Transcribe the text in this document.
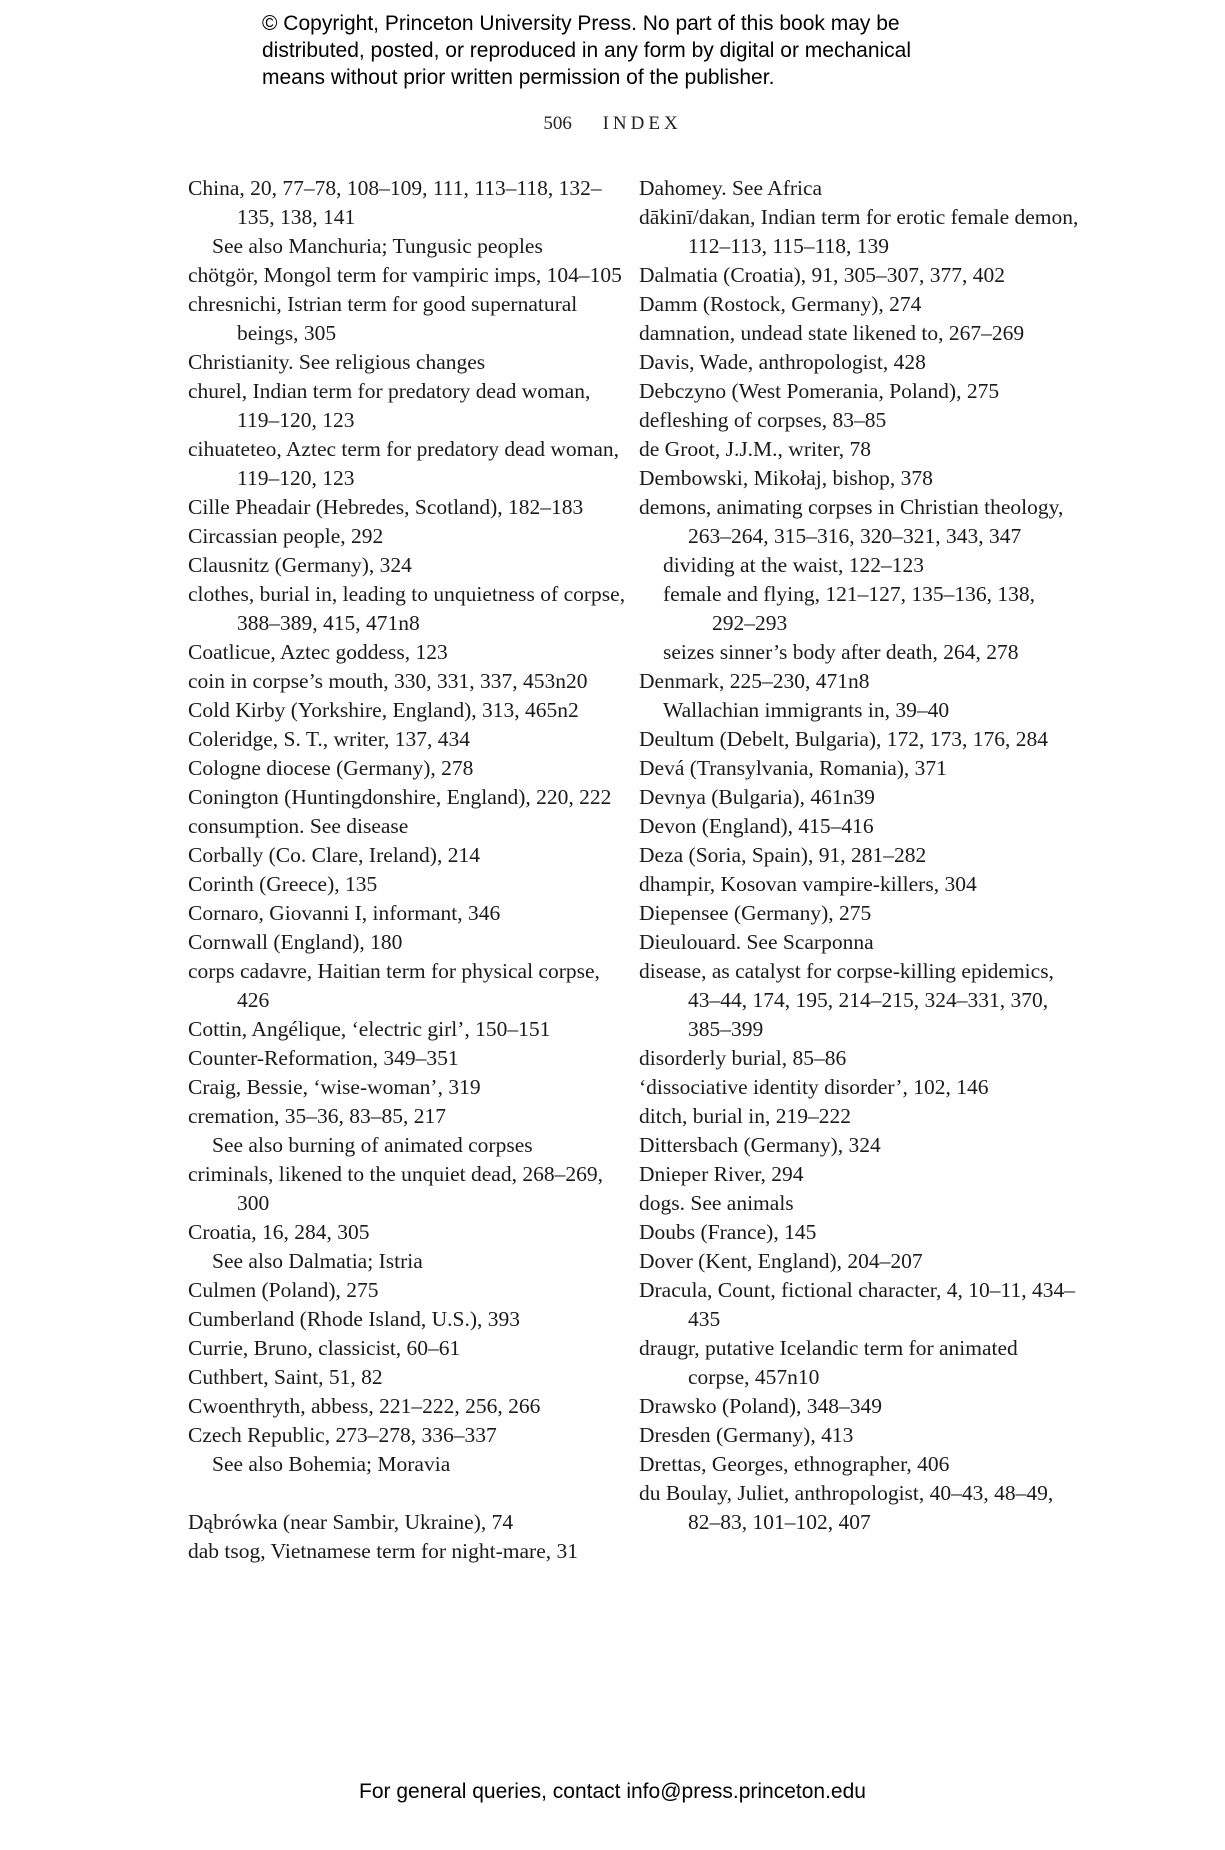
© Copyright, Princeton University Press. No part of this book may be
distributed, posted, or reproduced in any form by digital or mechanical
means without prior written permission of the publisher.
506 INDEX
China, 20, 77–78, 108–109, 111, 113–118, 132–135, 138, 141
See also Manchuria; Tungusic peoples
chötgör, Mongol term for vampiric imps, 104–105
chresnichi, Istrian term for good supernatural beings, 305
Christianity. See religious changes
churel, Indian term for predatory dead woman, 119–120, 123
cihuateteo, Aztec term for predatory dead woman, 119–120, 123
Cille Pheadair (Hebredes, Scotland), 182–183
Circassian people, 292
Clausnitz (Germany), 324
clothes, burial in, leading to unquietness of corpse, 388–389, 415, 471n8
Coatlicue, Aztec goddess, 123
coin in corpse’s mouth, 330, 331, 337, 453n20
Cold Kirby (Yorkshire, England), 313, 465n2
Coleridge, S. T., writer, 137, 434
Cologne diocese (Germany), 278
Conington (Huntingdonshire, England), 220, 222
consumption. See disease
Corbally (Co. Clare, Ireland), 214
Corinth (Greece), 135
Cornaro, Giovanni I, informant, 346
Cornwall (England), 180
corps cadavre, Haitian term for physical corpse, 426
Cottin, Angélique, ‘electric girl’, 150–151
Counter-Reformation, 349–351
Craig, Bessie, ‘wise-woman’, 319
cremation, 35–36, 83–85, 217
See also burning of animated corpses
criminals, likened to the unquiet dead, 268–269, 300
Croatia, 16, 284, 305
See also Dalmatia; Istria
Culmen (Poland), 275
Cumberland (Rhode Island, U.S.), 393
Currie, Bruno, classicist, 60–61
Cuthbert, Saint, 51, 82
Cwoenthryth, abbess, 221–222, 256, 266
Czech Republic, 273–278, 336–337
See also Bohemia; Moravia
Dąbrówka (near Sambir, Ukraine), 74
dab tsog, Vietnamese term for night-mare, 31
Dahomey. See Africa
dākinī/dakan, Indian term for erotic female demon, 112–113, 115–118, 139
Dalmatia (Croatia), 91, 305–307, 377, 402
Damm (Rostock, Germany), 274
damnation, undead state likened to, 267–269
Davis, Wade, anthropologist, 428
Debczyno (West Pomerania, Poland), 275
defleshing of corpses, 83–85
de Groot, J.J.M., writer, 78
Dembowski, Mikołaj, bishop, 378
demons, animating corpses in Christian theology, 263–264, 315–316, 320–321, 343, 347
dividing at the waist, 122–123
female and flying, 121–127, 135–136, 138, 292–293
seizes sinner’s body after death, 264, 278
Denmark, 225–230, 471n8
Wallachian immigrants in, 39–40
Deultum (Debelt, Bulgaria), 172, 173, 176, 284
Devá (Transylvania, Romania), 371
Devnya (Bulgaria), 461n39
Devon (England), 415–416
Deza (Soria, Spain), 91, 281–282
dhampir, Kosovan vampire-killers, 304
Diepensee (Germany), 275
Dieulouard. See Scarponna
disease, as catalyst for corpse-killing epidemics, 43–44, 174, 195, 214–215, 324–331, 370, 385–399
disorderly burial, 85–86
‘dissociative identity disorder’, 102, 146
ditch, burial in, 219–222
Dittersbach (Germany), 324
Dnieper River, 294
dogs. See animals
Doubs (France), 145
Dover (Kent, England), 204–207
Dracula, Count, fictional character, 4, 10–11, 434–435
draugr, putative Icelandic term for animated corpse, 457n10
Drawsko (Poland), 348–349
Dresden (Germany), 413
Drettas, Georges, ethnographer, 406
du Boulay, Juliet, anthropologist, 40–43, 48–49, 82–83, 101–102, 407
For general queries, contact info@press.princeton.edu
